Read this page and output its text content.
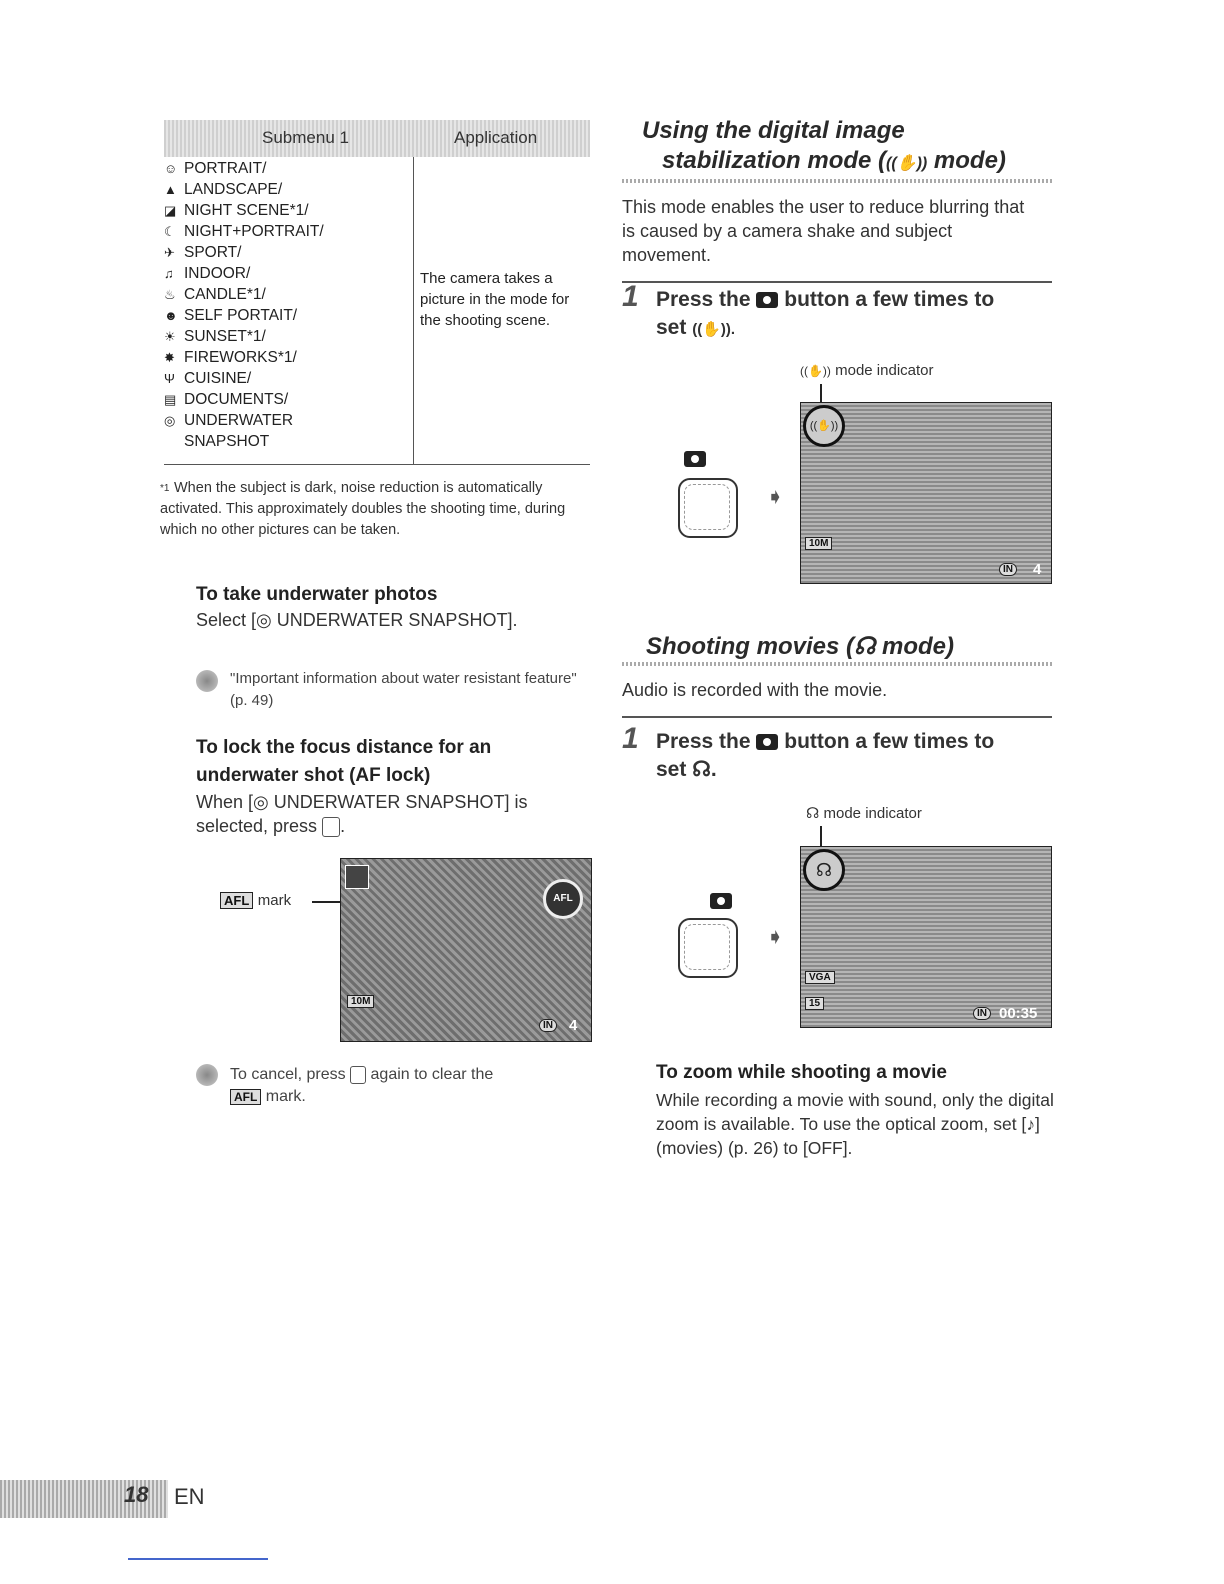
Submenu 1	Application
☺ PORTRAIT/
▲ LANDSCAPE/
◪ NIGHT SCENE*1/
☾ NIGHT+PORTRAIT/
✈ SPORT/
♫ INDOOR/
♨ CANDLE*1/
☻ SELF PORTAIT/
☀ SUNSET*1/
✸ FIREWORKS*1/
Ψ CUISINE/
▤ DOCUMENTS/
◎ UNDERWATER
SNAPSHOT
The camera takes a picture in the mode for the shooting scene.
*1 When the subject is dark, noise reduction is automatically activated. This approximately doubles the shooting time, during which no other pictures can be taken.
To take underwater photos
Select [◎ UNDERWATER SNAPSHOT].
"Important information about water resistant feature" (p. 49)
To lock the focus distance for an
underwater shot (AF lock)
When [◎ UNDERWATER SNAPSHOT] is
selected, press .
AFL mark	AFL
10M
IN 4
To cancel, press again to clear the
AFL mark.
Using the digital image
stabilization mode (((✋)) mode)
This mode enables the user to reduce blurring that is caused by a camera shake and subject movement.
1 Press the button a few times to
set ((✋)).
((✋)) mode indicator

➧
((✋))
10M
IN 4
Shooting movies (☊ mode)
Audio is recorded with the movie.
1 Press the button a few times to
set ☊.
☊ mode indicator
➧
☊
VGA
15
IN 00:35
To zoom while shooting a movie
While recording a movie with sound, only the digital zoom is available. To use the optical zoom, set [♪] (movies) (p. 26) to [OFF].
18 EN
